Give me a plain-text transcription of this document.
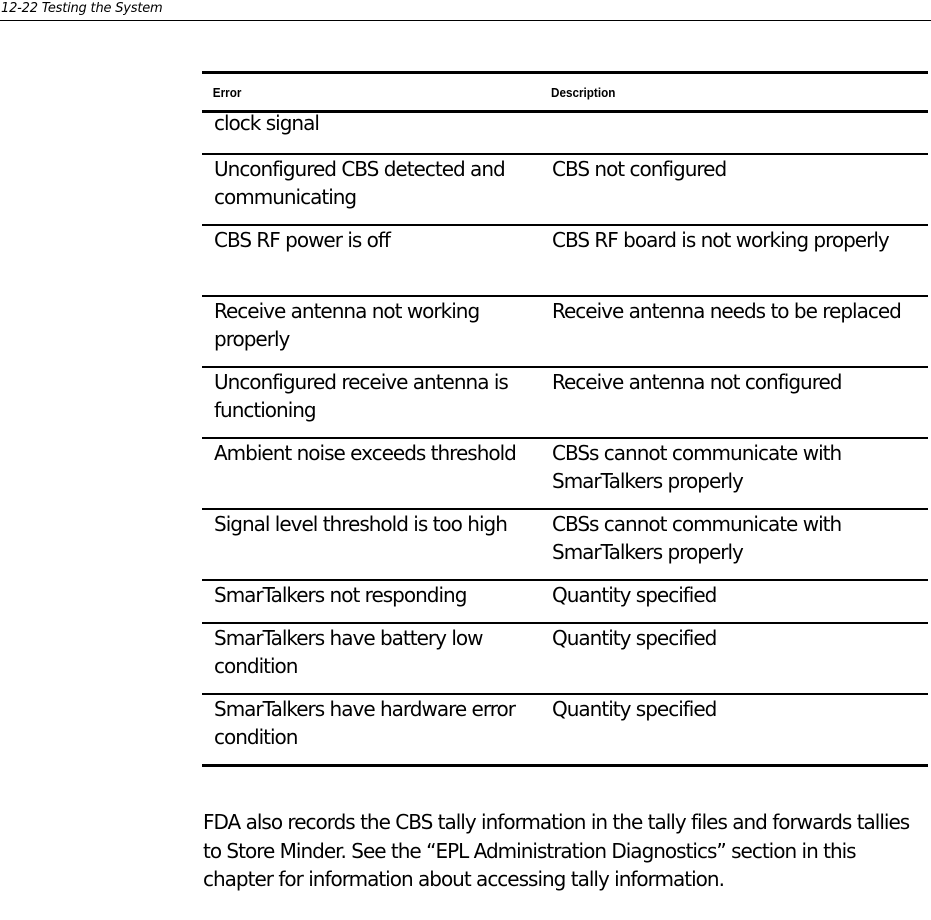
12-22 Testing the System
Error	Description

clock signal	

Unconfigured CBS detected and communicating	CBS not configured

CBS RF power is off	CBS RF board is not working properly

Receive antenna not working properly	Receive antenna needs to be replaced

Unconfigured receive antenna is functioning	Receive antenna not configured

Ambient noise exceeds threshold	CBSs cannot communicate with SmarTalkers properly

Signal level threshold is too high	CBSs cannot communicate with SmarTalkers properly

SmarTalkers not responding	Quantity specified

SmarTalkers have battery low condition	Quantity specified

SmarTalkers have hardware error condition	Quantity specified

FDA also records the CBS tally information in the tally files and forwards tallies to Store Minder. See the “EPL Administration Diagnostics” section in this chapter for information about accessing tally information.
